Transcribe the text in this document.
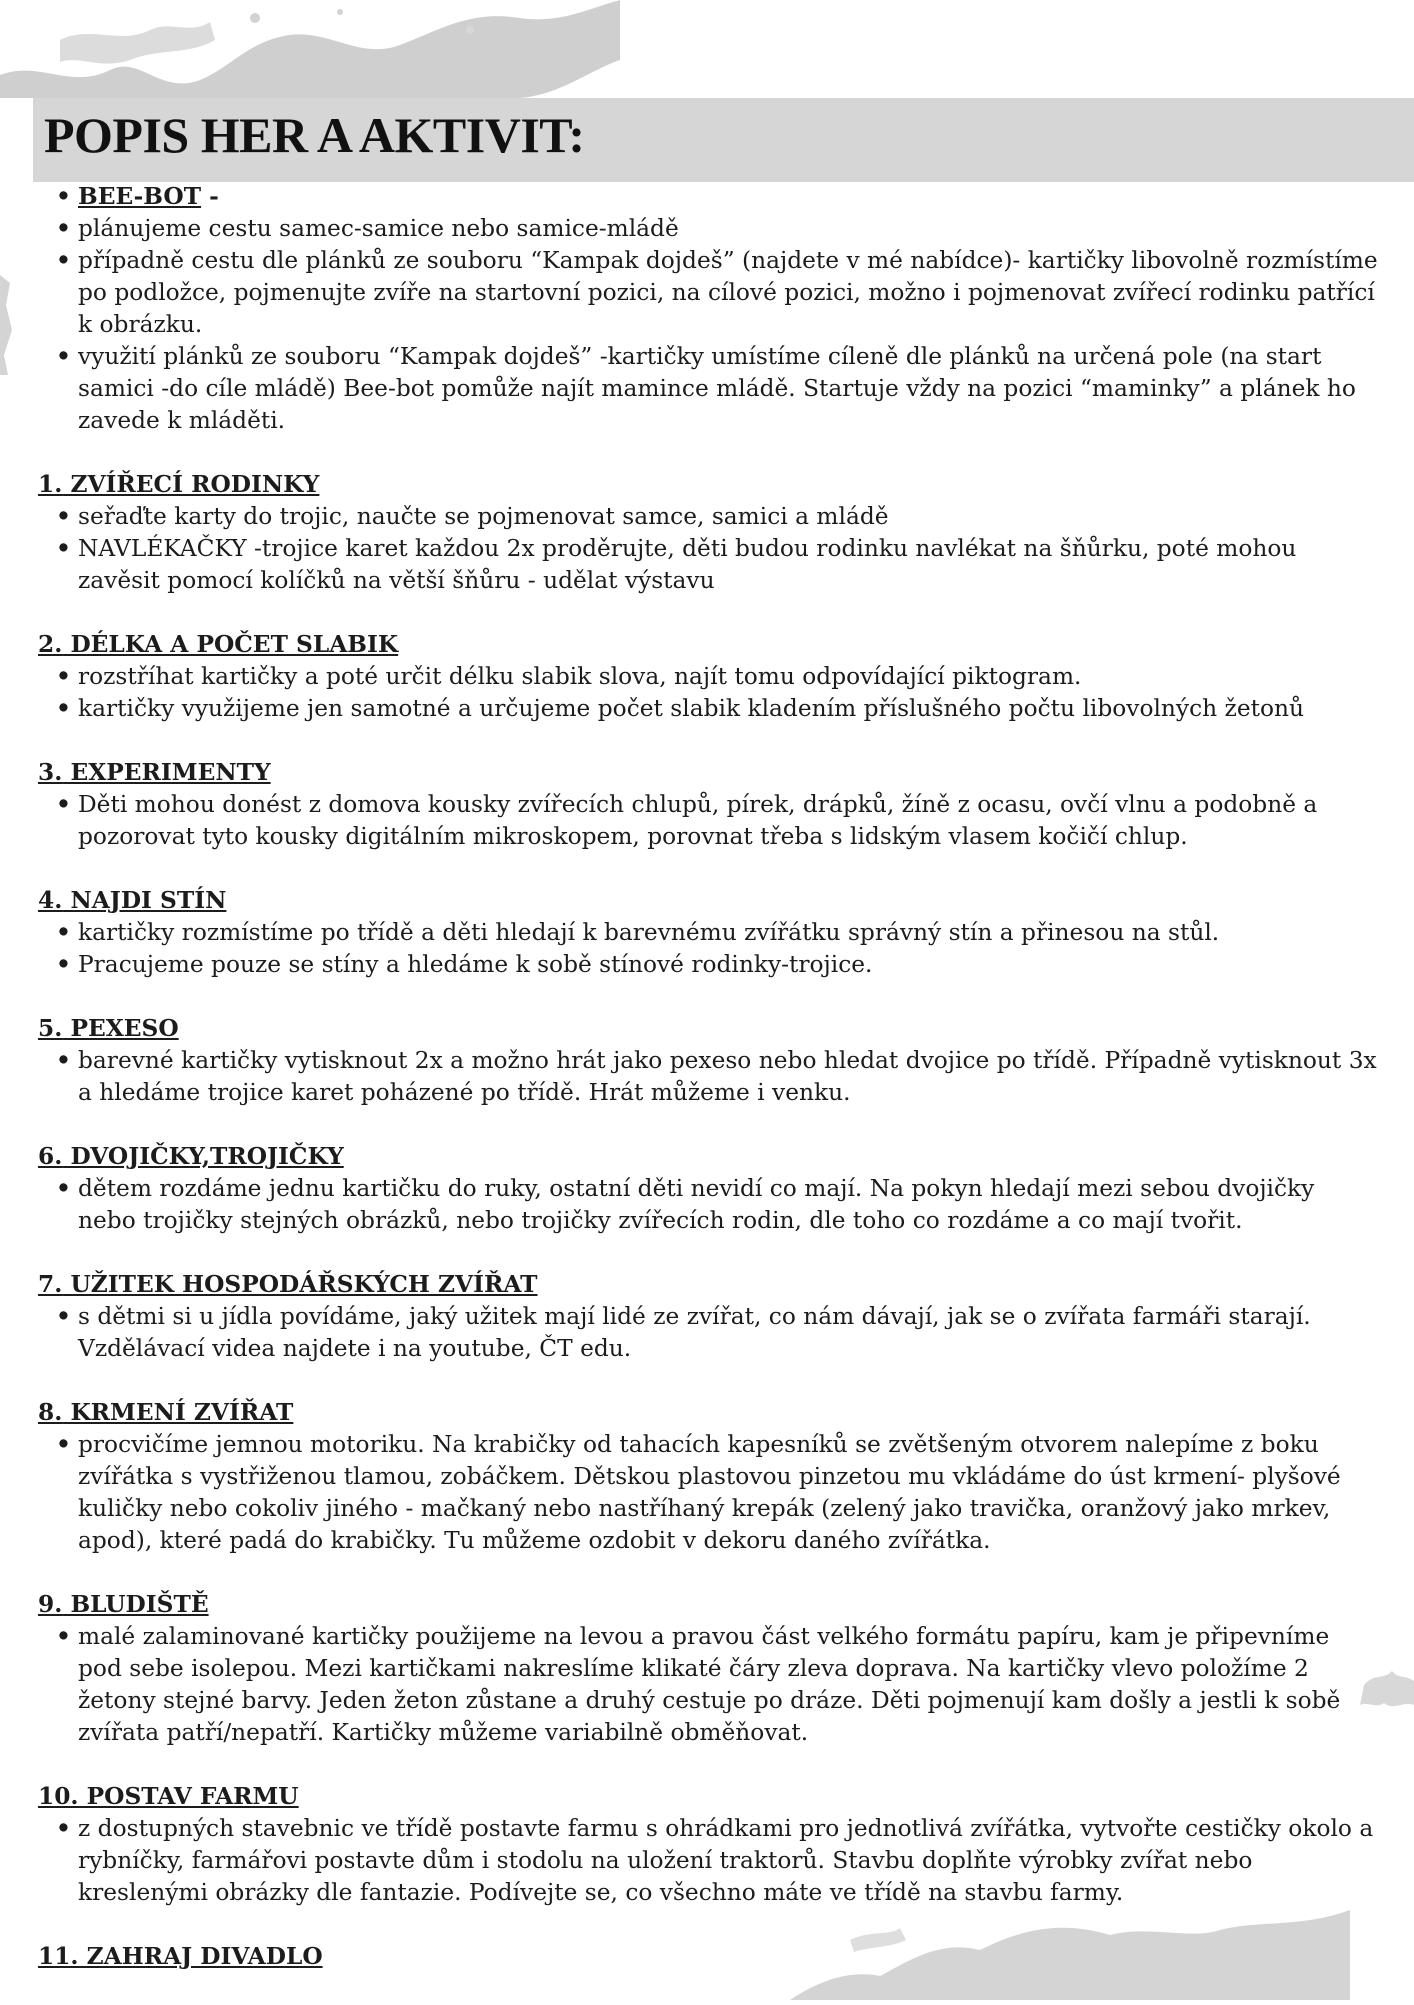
POPIS HER A AKTIVIT:
• BEE-BOT -
• plánujeme cestu samec-samice nebo samice-mládě
• případně cestu dle plánků ze souboru “Kampak dojdeš” (najdete v mé nabídce)- kartičky libovolně rozmístíme po podložce, pojmenujte zvíře na startovní pozici, na cílové pozici, možno i pojmenovat zvířecí rodinku patřící k obrázku.
• využití plánků ze souboru “Kampak dojdeš” -kartičky umístíme cíleně dle plánků na určená pole (na start samici -do cíle mládě) Bee-bot pomůže najít mamince mládě. Startuje vždy na pozici “maminky” a plánek ho zavede k mláděti.
1. ZVÍŘECÍ RODINKY
• seřaďte karty do trojic, naučte se pojmenovat samce, samici a mládě
• NAVLÉKAČKY -trojice karet každou 2x proděrujte, děti budou rodinku navlékat na šňůrku, poté mohou zavěsit pomocí kolíčků na větší šňůru - udělat výstavu
2. DÉLKA A POČET SLABIK
• rozstříhat kartičky a poté určit délku slabik slova, najít tomu odpovídající piktogram.
• kartičky využijeme jen samotné a určujeme počet slabik kladením příslušného počtu libovolných žetonů
3. EXPERIMENTY
• Děti mohou donést z domova kousky zvířecích chlupů, pírek, drápků, žíně z ocasu, ovčí vlnu a podobně a pozorovat tyto kousky digitálním mikroskopem, porovnat třeba s lidským vlasem kočičí chlup.
4. NAJDI STÍN
• kartičky rozmístíme po třídě a děti hledají k barevnému zvířátku správný stín a přinesou na stůl.
• Pracujeme pouze se stíny a hledáme k sobě stínové rodinky-trojice.
5. PEXESO
• barevné kartičky vytisknout 2x a možno hrát jako pexeso nebo hledat dvojice po třídě. Případně vytisknout 3x a hledáme trojice karet poházené po třídě. Hrát můžeme i venku.
6. DVOJIČKY,TROJIČKY
• dětem rozdáme jednu kartičku do ruky, ostatní děti nevidí co mají. Na pokyn hledají mezi sebou dvojičky nebo trojičky stejných obrázků, nebo trojičky zvířecích rodin, dle toho co rozdáme a co mají tvořit.
7. UŽITEK HOSPODÁŘSKÝCH ZVÍŘAT
• s dětmi si u jídla povídáme, jaký užitek mají lidé ze zvířat, co nám dávají, jak se o zvířata farmáři starají. Vzdělávací videa najdete i na youtube, ČT edu.
8. KRMENÍ ZVÍŘAT
• procvičíme jemnou motoriku. Na krabičky od tahacích kapesníků se zvětšeným otvorem nalepíme z boku zvířátka s vystřiženou tlamou, zobáčkem. Dětskou plastovou pinzetou mu vkládáme do úst krmení- plyšové kuličky nebo cokoliv jiného - mačkaný nebo nastříhaný krepák (zelený jako travička, oranžový jako mrkev, apod), které padá do krabičky. Tu můžeme ozdobit v dekoru daného zvířátka.
9. BLUDIŠTĚ
• malé zalaminované kartičky použijeme na levou a pravou část velkého formátu papíru, kam je připevníme pod sebe isolepou. Mezi kartičkami nakreslíme klikaté čáry zleva doprava. Na kartičky vlevo položíme 2 žetony stejné barvy. Jeden žeton zůstane a druhý cestuje po dráze. Děti pojmenují kam došly a jestli k sobě zvířata patří/nepatří. Kartičky můžeme variabilně obměňovat.
10. POSTAV FARMU
• z dostupných stavebnic ve třídě postavte farmu s ohrádkami pro jednotlivá zvířátka, vytvořte cestičky okolo a rybníčky, farmářovi postavte dům i stodolu na uložení traktorů. Stavbu doplňte výrobky zvířat nebo kreslenými obrázky dle fantazie. Podívejte se, co všechno máte ve třídě na stavbu farmy.
11. ZAHRAJ DIVADLO
